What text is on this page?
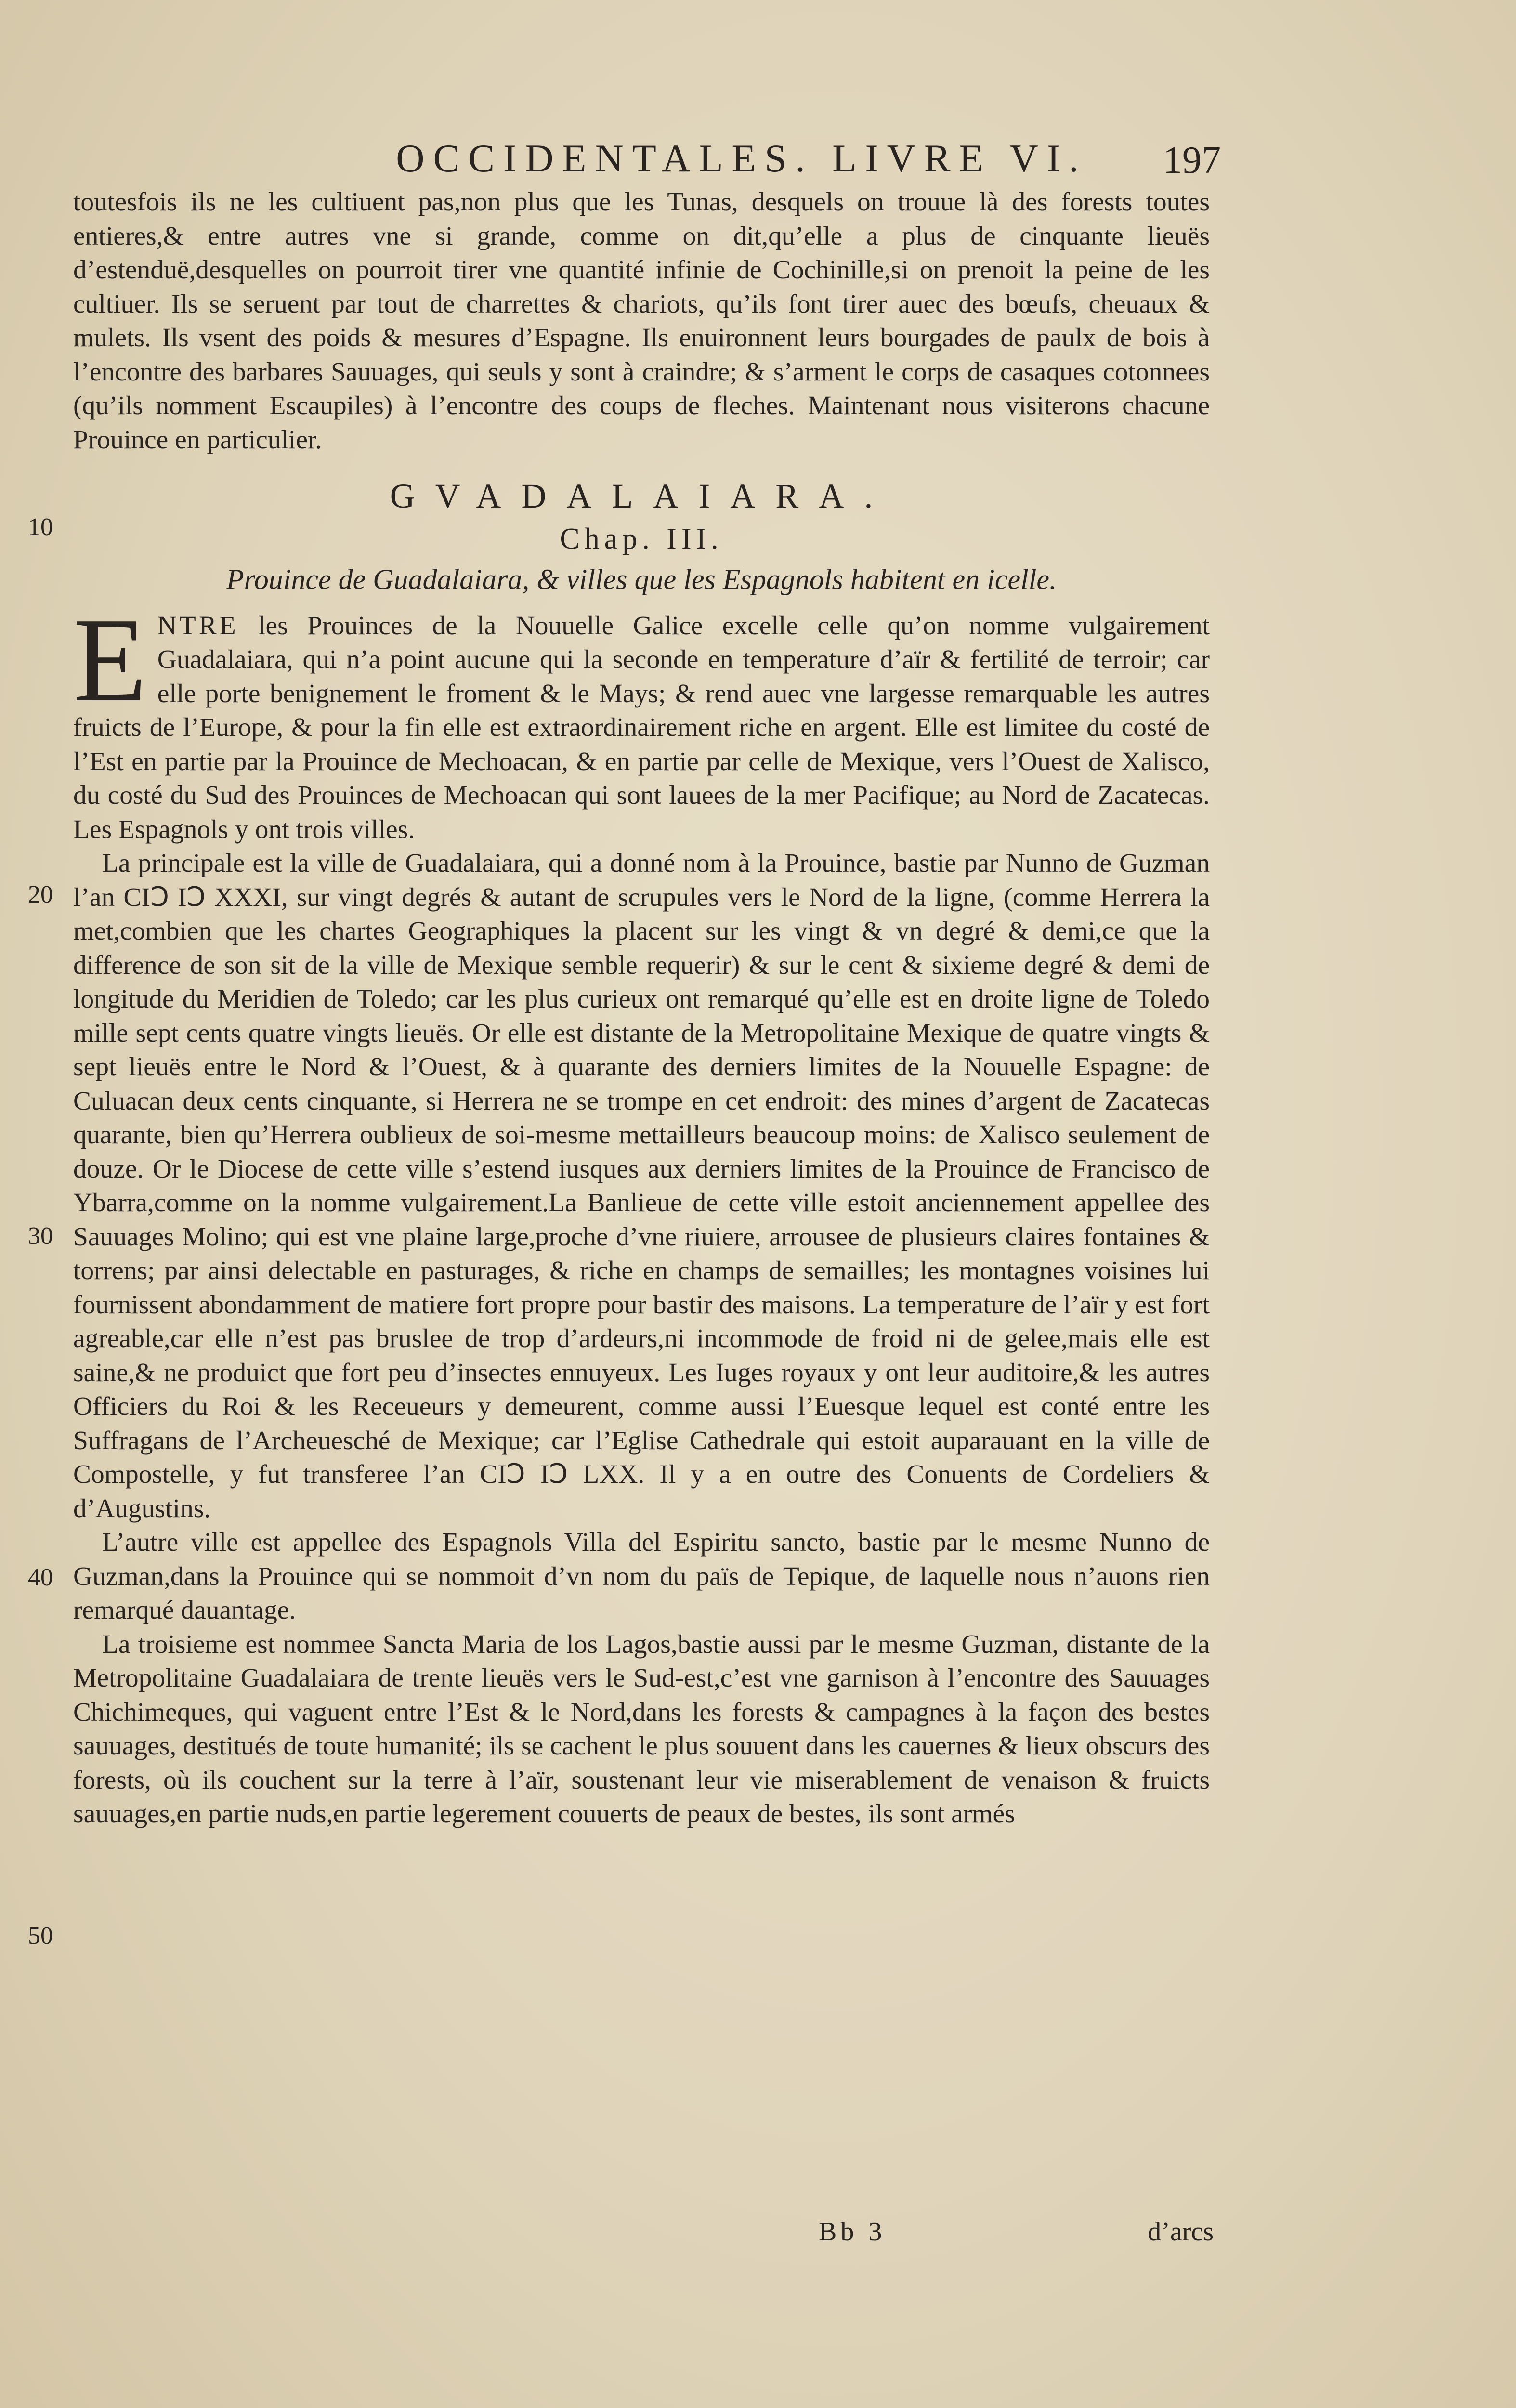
OCCIDENTALES. LIVRE VI.	197
10
20
30
40
50

toutesfois ils ne les cultiuent pas,non plus que les Tunas, desquels on trouue là des forests toutes entieres,& entre autres vne si grande, comme on dit,qu’elle a plus de cinquante lieuës d’estenduë,desquelles on pourroit tirer vne quantité infinie de Cochinille,si on prenoit la peine de les cultiuer. Ils se seruent par tout de charrettes & chariots, qu’ils font tirer auec des bœufs, cheuaux & mulets. Ils vsent des poids & mesures d’Espagne. Ils enuironnent leurs bourgades de paulx de bois à l’encontre des barbares Sauuages, qui seuls y sont à craindre; & s’arment le corps de casaques cotonnees (qu’ils nomment Escaupiles) à l’encontre des coups de fleches. Maintenant nous visiterons chacune Prouince en particulier.

GVADALAIARA.
Chap. III.
Prouince de Guadalaiara, & villes que les Espagnols habitent en icelle.

E NTRE les Prouinces de la Nouuelle Galice excelle celle qu’on nomme vulgairement Guadalaiara, qui n’a point aucune qui la seconde en temperature d’aïr & fertilité de terroir; car elle porte benignement le froment & le Mays; & rend auec vne largesse remarquable les autres fruicts de l’Europe, & pour la fin elle est extraordinairement riche en argent. Elle est limitee du costé de l’Est en partie par la Prouince de Mechoacan, & en partie par celle de Mexique, vers l’Ouest de Xalisco, du costé du Sud des Prouinces de Mechoacan qui sont lauees de la mer Pacifique; au Nord de Zacatecas. Les Espagnols y ont trois villes.

La principale est la ville de Guadalaiara, qui a donné nom à la Prouince, bastie par Nunno de Guzman l’an CIↃ IↃ XXXI, sur vingt degrés & autant de scrupules vers le Nord de la ligne, (comme Herrera la met,combien que les chartes Geographiques la placent sur les vingt & vn degré & demi,ce que la difference de son sit de la ville de Mexique semble requerir) & sur le cent & sixieme degré & demi de longitude du Meridien de Toledo; car les plus curieux ont remarqué qu’elle est en droite ligne de Toledo mille sept cents quatre vingts lieuës. Or elle est distante de la Metropolitaine Mexique de quatre vingts & sept lieuës entre le Nord & l’Ouest, & à quarante des derniers limites de la Nouuelle Espagne: de Culuacan deux cents cinquante, si Herrera ne se trompe en cet endroit: des mines d’argent de Zacatecas quarante, bien qu’Herrera oublieux de soi-mesme mettailleurs beaucoup moins: de Xalisco seulement de douze. Or le Diocese de cette ville s’estend iusques aux derniers limites de la Prouince de Francisco de Ybarra,comme on la nomme vulgairement.La Banlieue de cette ville estoit anciennement appellee des Sauuages Molino; qui est vne plaine large,proche d’vne riuiere, arrousee de plusieurs claires fontaines & torrens; par ainsi delectable en pasturages, & riche en champs de semailles; les montagnes voisines lui fournissent abondamment de matiere fort propre pour bastir des maisons. La temperature de l’aïr y est fort agreable,car elle n’est pas bruslee de trop d’ardeurs,ni incommode de froid ni de gelee,mais elle est saine,& ne produict que fort peu d’insectes ennuyeux. Les Iuges royaux y ont leur auditoire,& les autres Officiers du Roi & les Receueurs y demeurent, comme aussi l’Euesque lequel est conté entre les Suffragans de l’Archeuesché de Mexique; car l’Eglise Cathedrale qui estoit auparauant en la ville de Compostelle, y fut transferee l’an CIↃ IↃ LXX. Il y a en outre des Conuents de Cordeliers & d’Augustins.

L’autre ville est appellee des Espagnols Villa del Espiritu sancto, bastie par le mesme Nunno de Guzman,dans la Prouince qui se nommoit d’vn nom du païs de Tepique, de laquelle nous n’auons rien remarqué dauantage.

La troisieme est nommee Sancta Maria de los Lagos,bastie aussi par le mesme Guzman, distante de la Metropolitaine Guadalaiara de trente lieuës vers le Sud-est,c’est vne garnison à l’encontre des Sauuages Chichimeques, qui vaguent entre l’Est & le Nord,dans les forests & campagnes à la façon des bestes sauuages, destitués de toute humanité; ils se cachent le plus souuent dans les cauernes & lieux obscurs des forests, où ils couchent sur la terre à l’aïr, soustenant leur vie miserablement de venaison & fruicts sauuages,en partie nuds,en partie legerement couuerts de peaux de bestes, ils sont armés

Bb 3	d’arcs
